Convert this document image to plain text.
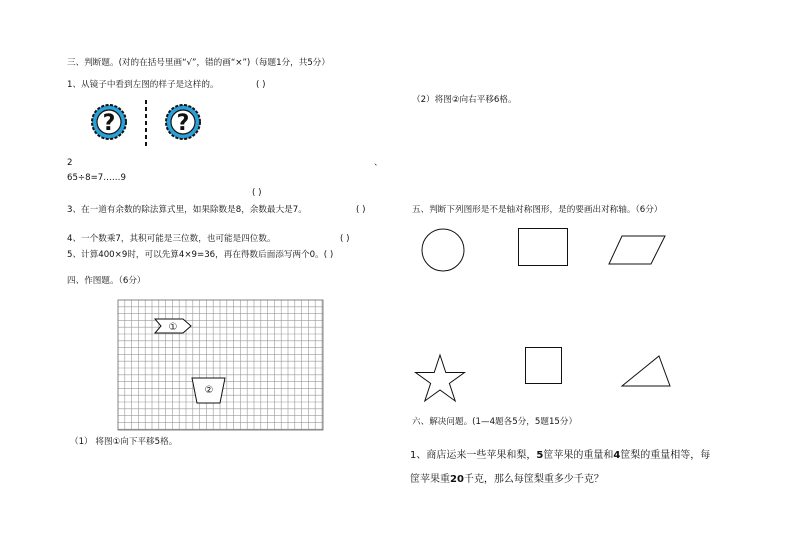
三、判断题。(对的在括号里画“√”，错的画“×”)（每题1分，共5分）
1、从镜子中看到左图的样子是这样的。	( )
?	?
2	、
65÷8=7……9
( )
3、在一道有余数的除法算式里，如果除数是8，余数最大是7。	( )
4、一个数乘7，其积可能是三位数，也可能是四位数。	( )
5、计算400×9时，可以先算4×9=36，再在得数后面添写两个0。( )
四、作图题。（6分）
①
②
（1） 将图①向下平移5格。
（2）将图②向右平移6格。
五、判断下列图形是不是轴对称图形，是的要画出对称轴。（6分）
六、解决问题。(1—4题各5分，5题15分）
1、商店运来一些苹果和梨，5筐苹果的重量和4筐梨的重量相等，每
筐苹果重20千克，那么每筐梨重多少千克？
